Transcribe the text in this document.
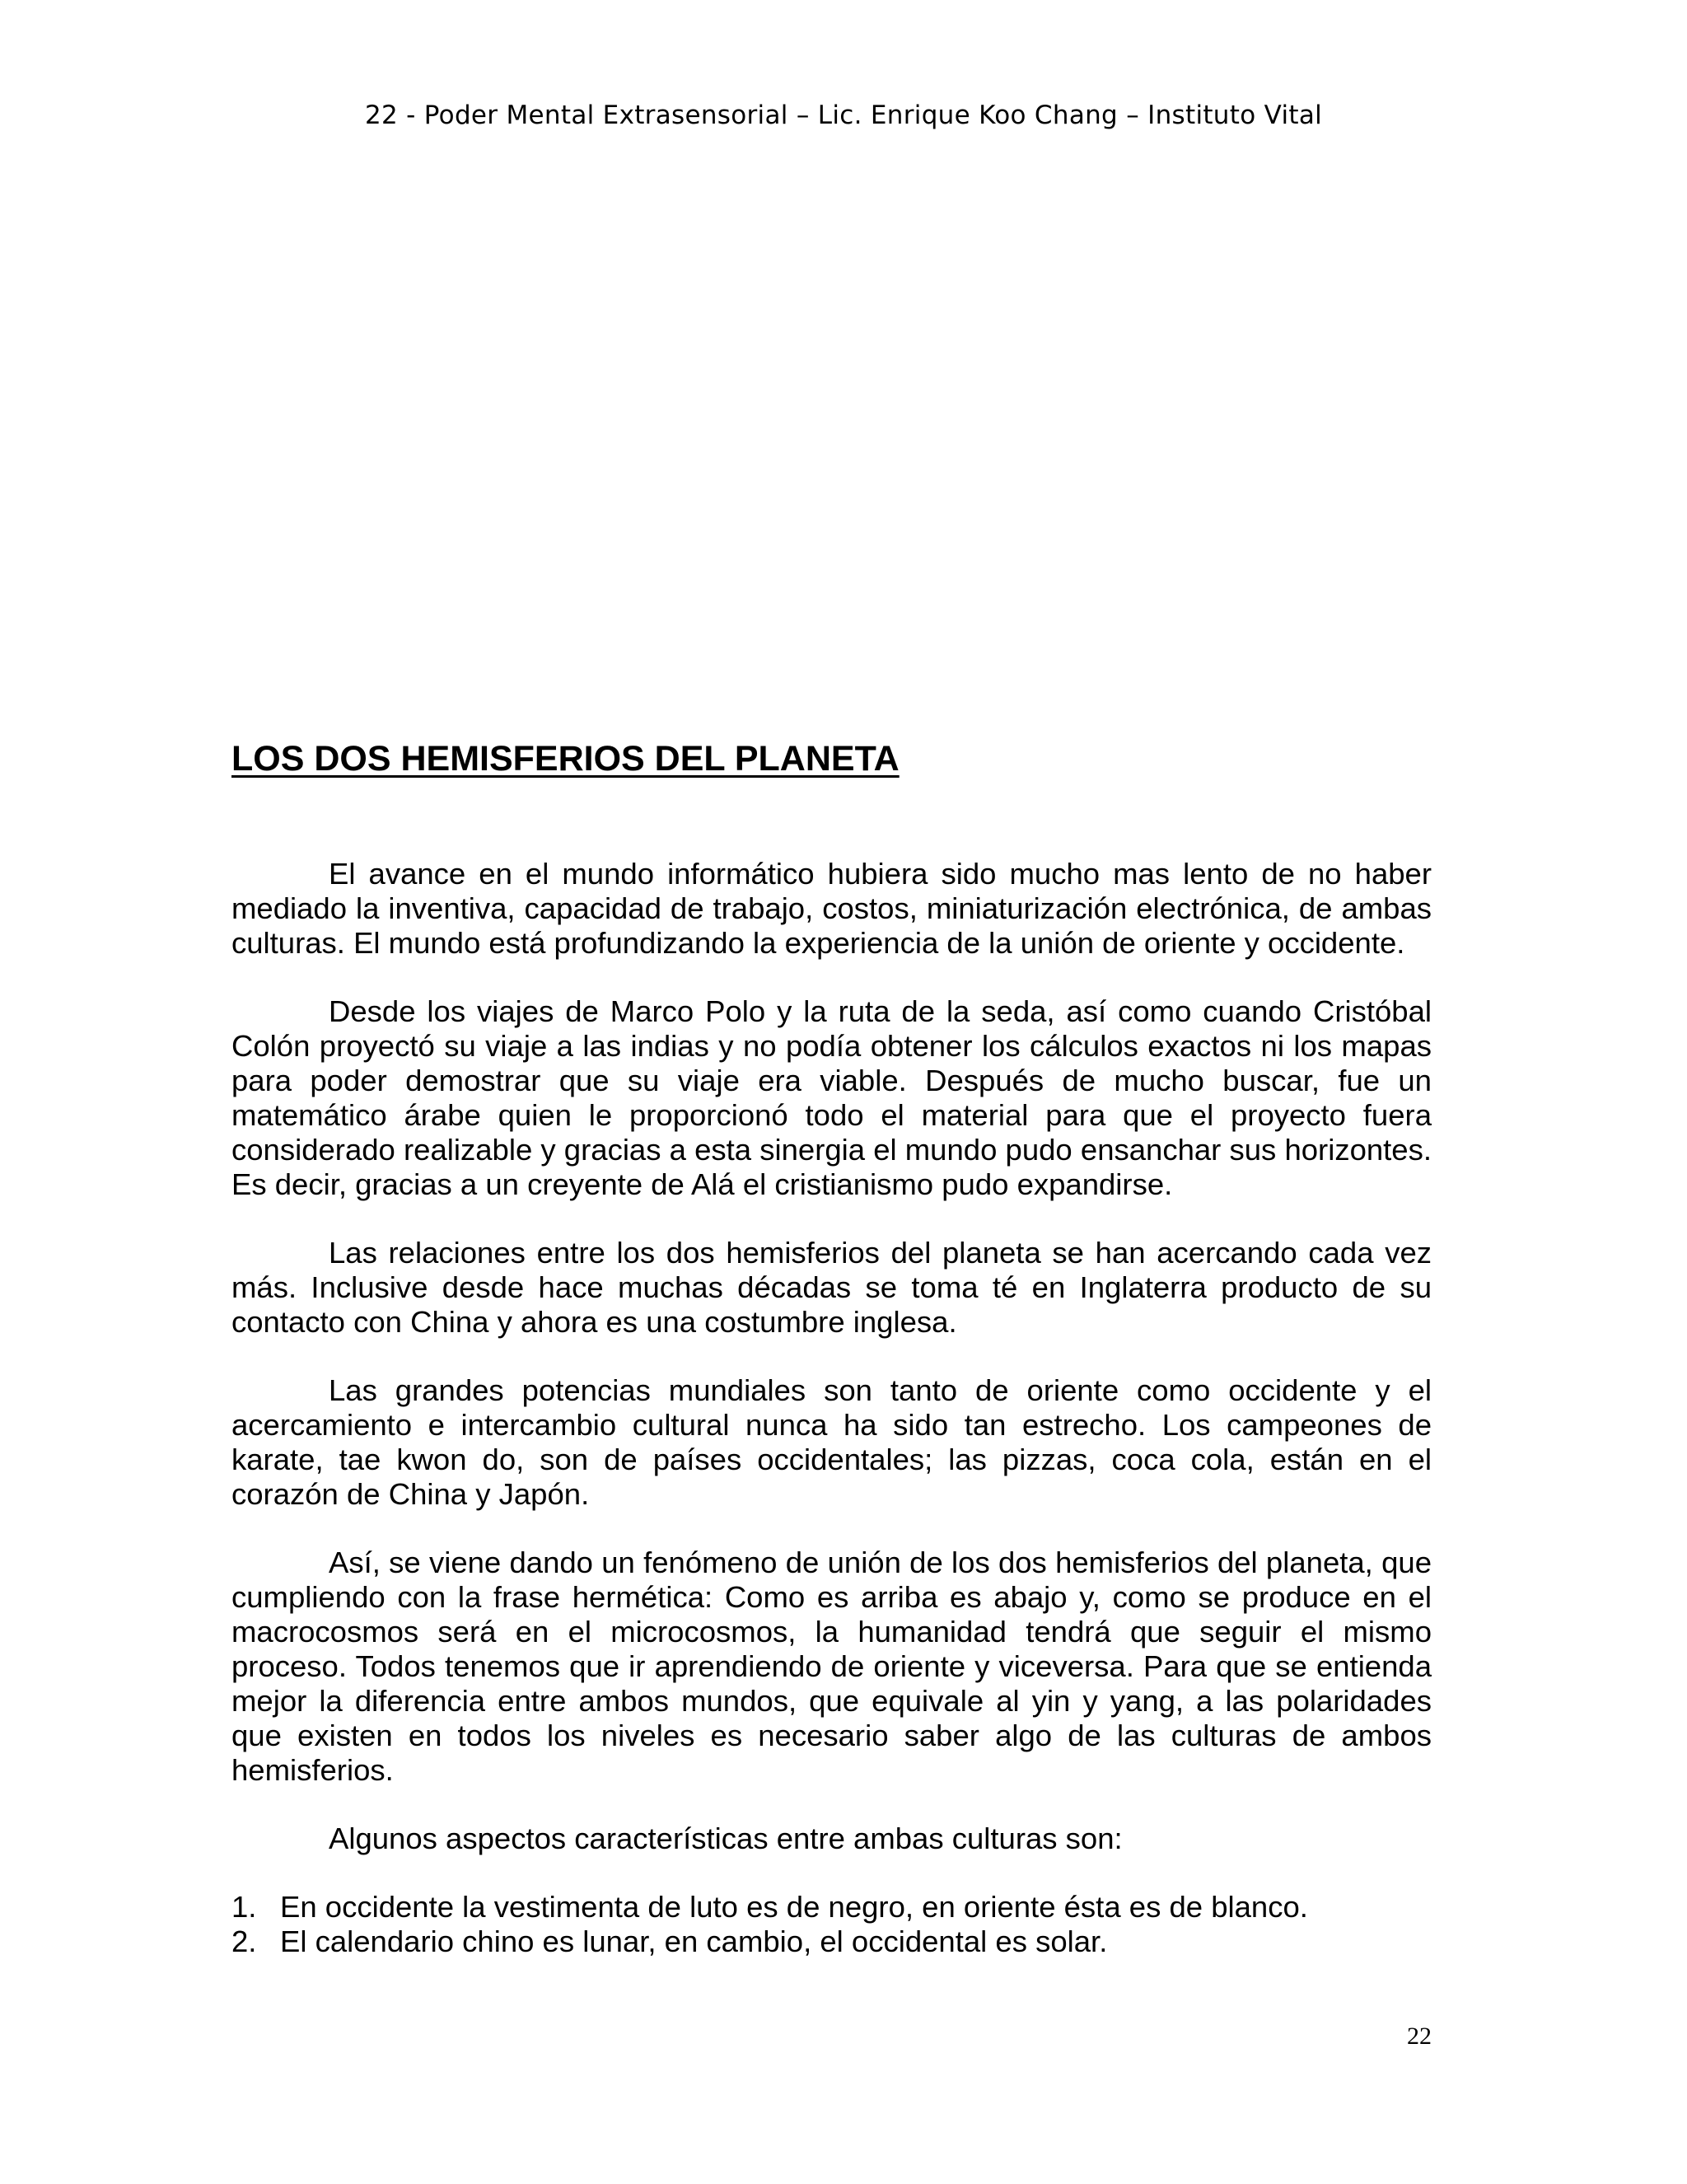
22 - Poder Mental Extrasensorial – Lic. Enrique Koo Chang – Instituto Vital
LOS DOS HEMISFERIOS DEL PLANETA

El avance en el mundo informático hubiera sido mucho mas lento de no haber mediado la inventiva, capacidad de trabajo, costos, miniaturización electrónica, de ambas culturas. El mundo está profundizando la experiencia de la unión de oriente y occidente.

Desde los viajes de Marco Polo y la ruta de la seda, así como cuando Cristóbal Colón proyectó su viaje a las indias y no podía obtener los cálculos exactos ni los mapas para poder demostrar que su viaje era viable. Después de mucho buscar, fue un matemático árabe quien le proporcionó todo el material para que el proyecto fuera considerado realizable y gracias a esta sinergia el mundo pudo ensanchar sus horizontes. Es decir, gracias a un creyente de Alá el cristianismo pudo expandirse.

Las relaciones entre los dos hemisferios del planeta se han acercando cada vez más. Inclusive desde hace muchas décadas se toma té en Inglaterra producto de su contacto con China y ahora es una costumbre inglesa.

Las grandes potencias mundiales son tanto de oriente como occidente y el acercamiento e intercambio cultural nunca ha sido tan estrecho. Los campeones de karate, tae kwon do, son de países occidentales; las pizzas, coca cola, están en el corazón de China y Japón.

Así, se viene dando un fenómeno de unión de los dos hemisferios del planeta, que cumpliendo con la frase hermética: Como es arriba es abajo y, como se produce en el macrocosmos será en el microcosmos, la humanidad tendrá que seguir el mismo proceso. Todos tenemos que ir aprendiendo de oriente y viceversa. Para que se entienda mejor la diferencia entre ambos mundos, que equivale al yin y yang, a las polaridades que existen en todos los niveles es necesario saber algo de las culturas de ambos hemisferios.

Algunos aspectos características entre ambas culturas son:

1. En occidente la vestimenta de luto es de negro, en oriente ésta es de blanco.
2. El calendario chino es lunar, en cambio, el occidental es solar.
22
